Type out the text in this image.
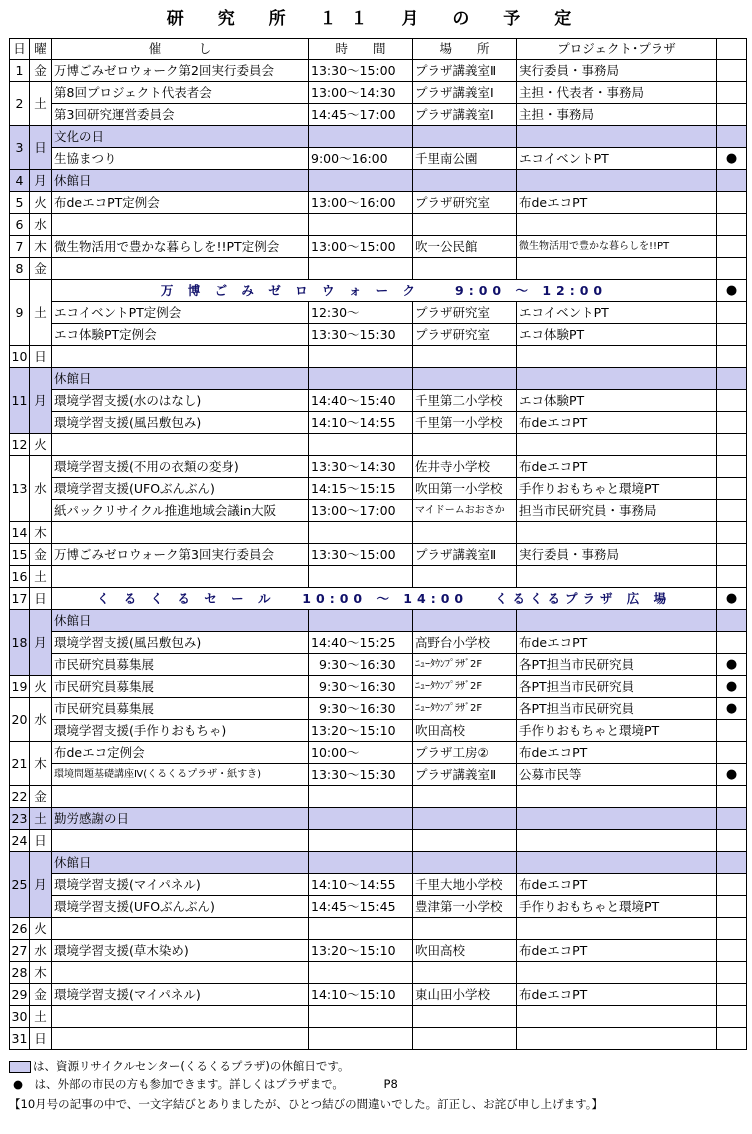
研 究 所 １１ 月 の 予 定
日	曜	催　　　し	時　　間	場　　所	プロジェクト･プラザ	
1	金	万博ごみゼロウォーク第2回実行委員会	13:30～15:00	プラザ講義室Ⅱ	実行委員・事務局	
2	土	第8回プロジェクト代表者会	13:00～14:30	プラザ講義室Ⅰ	主担・代表者・事務局	
		第3回研究運営委員会	14:45～17:00	プラザ講義室Ⅰ	主担・事務局	
3	日	文化の日				
		生協まつり	9:00～16:00	千里南公園	エコイベントPT	●
4	月	休館日				
5	火	布deエコPT定例会	13:00～16:00	プラザ研究室	布deエコPT	
6	水					
7	木	微生物活用で豊かな暮らしを!!PT定例会	13:00～15:00	吹一公民館	微生物活用で豊かな暮らしを!!PT	
8	金					
9	土	万 博 ご み ゼ ロ ウ ォ ー ク　　9:00 ～ 12:00				●
		エコイベントPT定例会	12:30～	プラザ研究室	エコイベントPT	
		エコ体験PT定例会	13:30～15:30	プラザ研究室	エコ体験PT	
10	日					
11	月	休館日				
		環境学習支援(水のはなし)	14:40～15:40	千里第二小学校	エコ体験PT	
		環境学習支援(風呂敷包み)	14:10～14:55	千里第一小学校	布deエコPT	
12	火					
13	水	環境学習支援(不用の衣類の変身)	13:30～14:30	佐井寺小学校	布deエコPT	
		環境学習支援(UFOぶんぶん)	14:15～15:15	吹田第一小学校	手作りおもちゃと環境PT	
		紙パックリサイクル推進地域会議in大阪	13:00～17:00	マイドームおおさか	担当市民研究員・事務局	
14	木					
15	金	万博ごみゼロウォーク第3回実行委員会	13:30～15:00	プラザ講義室Ⅱ	実行委員・事務局	
16	土					
17	日	く る く る セ ー ル　 10:00 ～ 14:00　 くるくるプラザ 広 場				●
18	月	休館日				
		環境学習支援(風呂敷包み)	14:40～15:25	高野台小学校	布deエコPT	
		市民研究員募集展	9:30～16:30	ﾆｭｰﾀｳﾝﾌﾟﾗｻﾞ2F	各PT担当市民研究員	●
19	火	市民研究員募集展	9:30～16:30	ﾆｭｰﾀｳﾝﾌﾟﾗｻﾞ2F	各PT担当市民研究員	●
20	水	市民研究員募集展	9:30～16:30	ﾆｭｰﾀｳﾝﾌﾟﾗｻﾞ2F	各PT担当市民研究員	●
		環境学習支援(手作りおもちゃ)	13:20～15:10	吹田高校	手作りおもちゃと環境PT	
21	木	布deエコ定例会	10:00～	プラザ工房②	布deエコPT	
		環境問題基礎講座Ⅳ(くるくるプラザ・紙すき)	13:30～15:30	プラザ講義室Ⅱ	公募市民等	●
22	金					
23	土	勤労感謝の日				
24	日					
25	月	休館日				
		環境学習支援(マイパネル)	14:10～14:55	千里大地小学校	布deエコPT	
		環境学習支援(UFOぶんぶん)	14:45～15:45	豊津第一小学校	手作りおもちゃと環境PT	
26	火					
27	水	環境学習支援(草木染め)	13:20～15:10	吹田高校	布deエコPT	
28	木					
29	金	環境学習支援(マイパネル)	14:10～15:10	東山田小学校	布deエコPT	
30	土					
31	日					
は、資源リサイクルセンター(くるくるプラザ)の休館日です。
●　は、外部の市民の方も参加できます。詳しくはプラザまで。	P8
【10月号の記事の中で、一文字結びとありましたが、ひとつ結びの間違いでした。訂正し、お詫び申し上げます。】
